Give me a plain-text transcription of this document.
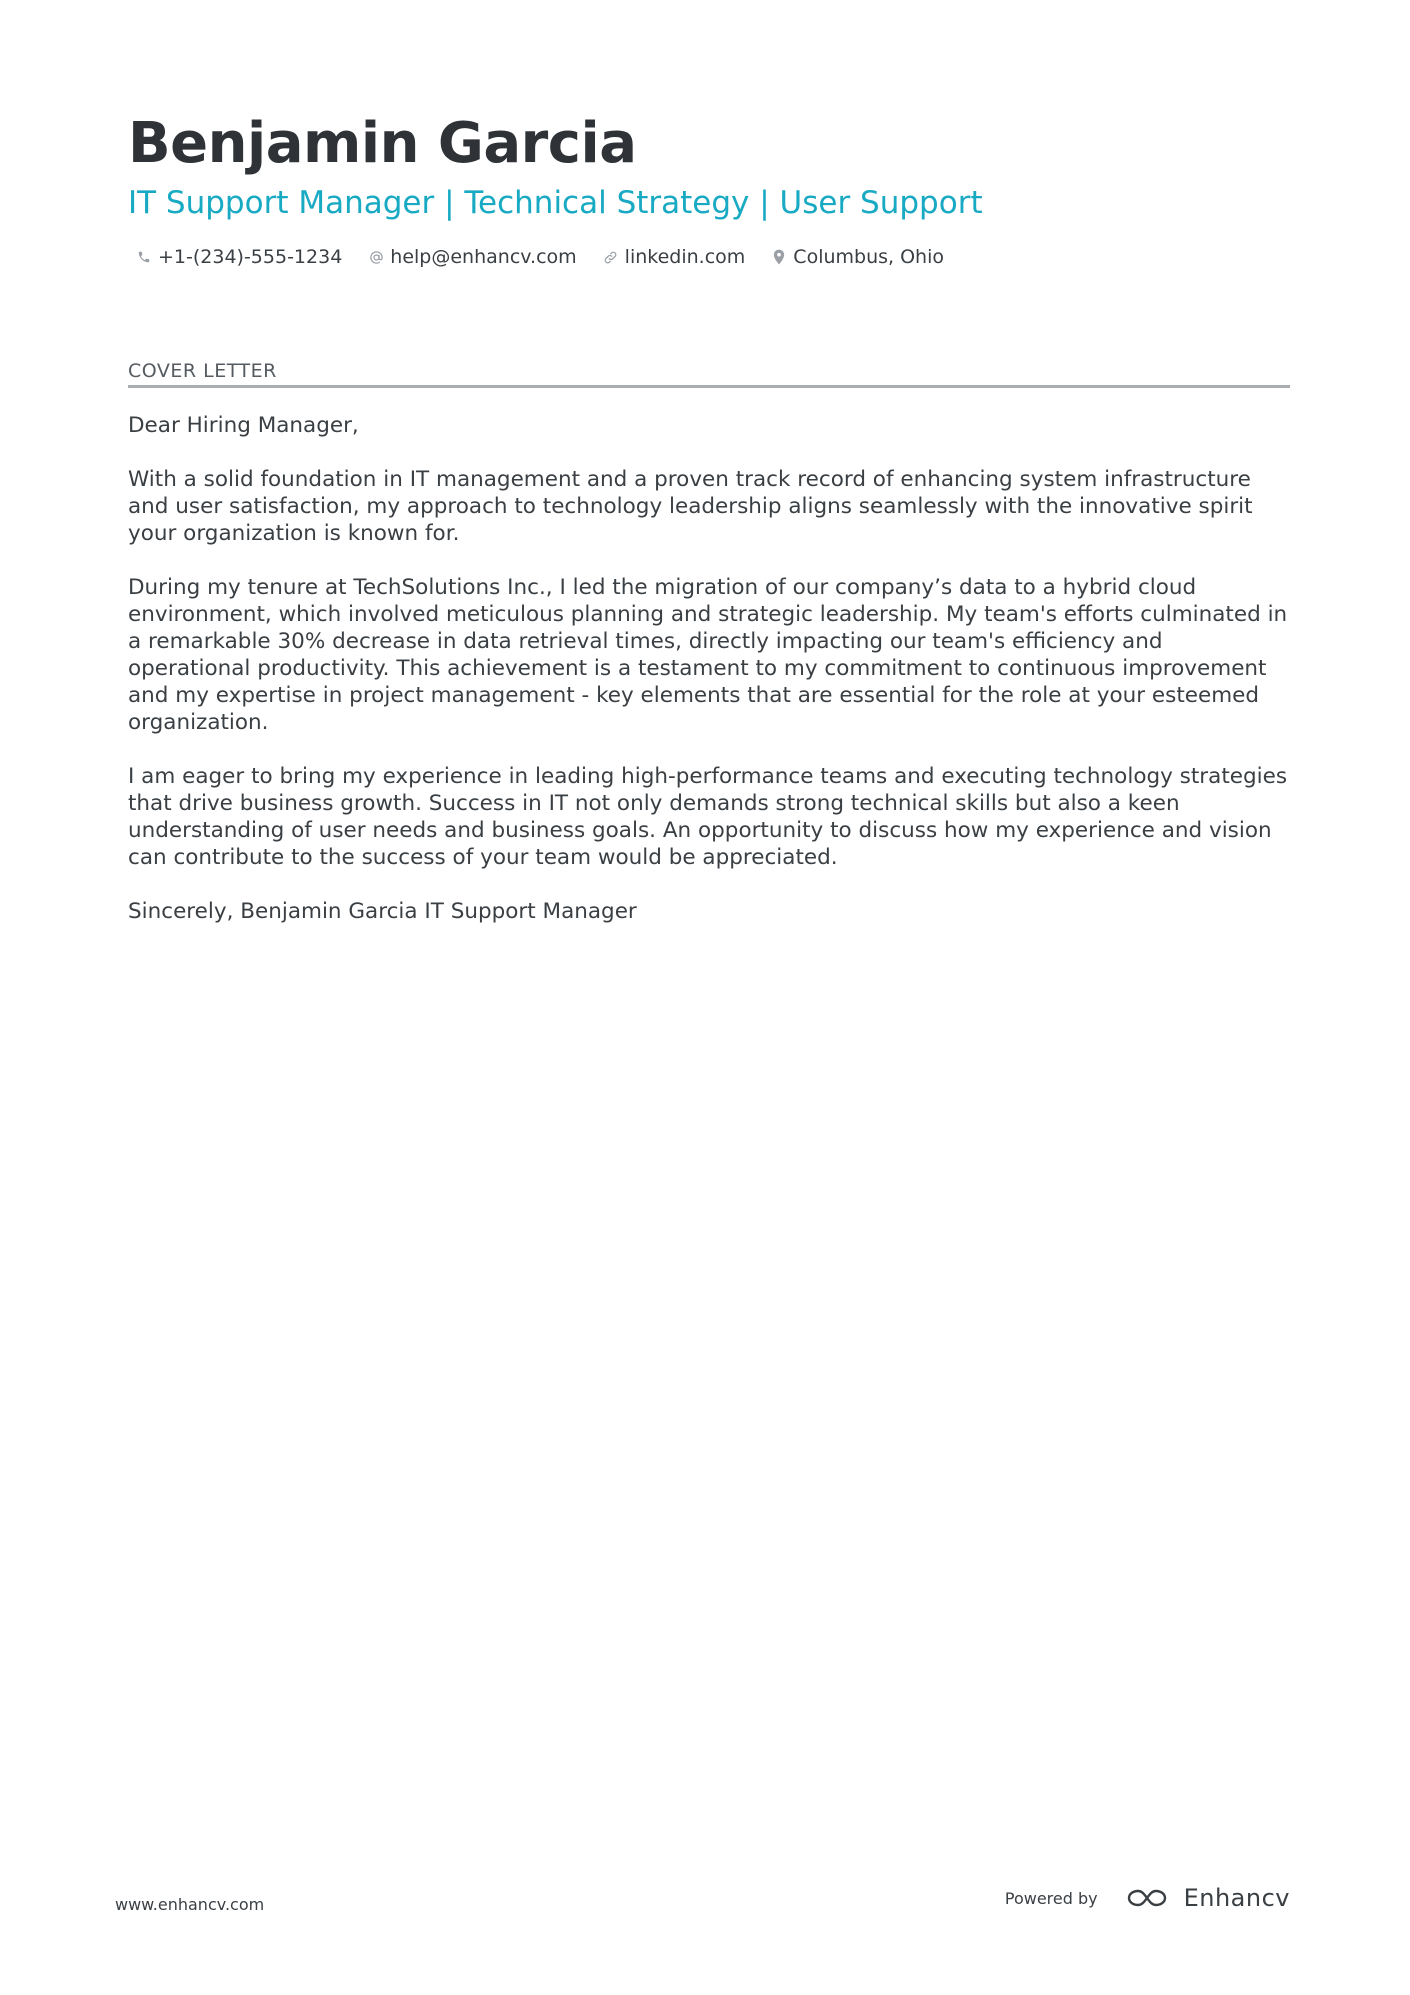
Benjamin Garcia
IT Support Manager | Technical Strategy | User Support
+1-(234)-555-1234	help@enhancv.com	linkedin.com	Columbus, Ohio
COVER LETTER

Dear Hiring Manager,

With a solid foundation in IT management and a proven track record of enhancing system infrastructure and user satisfaction, my approach to technology leadership aligns seamlessly with the innovative spirit your organization is known for.

During my tenure at TechSolutions Inc., I led the migration of our company’s data to a hybrid cloud environment, which involved meticulous planning and strategic leadership. My team's efforts culminated in a remarkable 30% decrease in data retrieval times, directly impacting our team's efficiency and operational productivity. This achievement is a testament to my commitment to continuous improvement and my expertise in project management - key elements that are essential for the role at your esteemed organization.

I am eager to bring my experience in leading high-performance teams and executing technology strategies that drive business growth. Success in IT not only demands strong technical skills but also a keen understanding of user needs and business goals. An opportunity to discuss how my experience and vision can contribute to the success of your team would be appreciated.

Sincerely, Benjamin Garcia IT Support Manager

www.enhancv.com	Powered by	Enhancv
